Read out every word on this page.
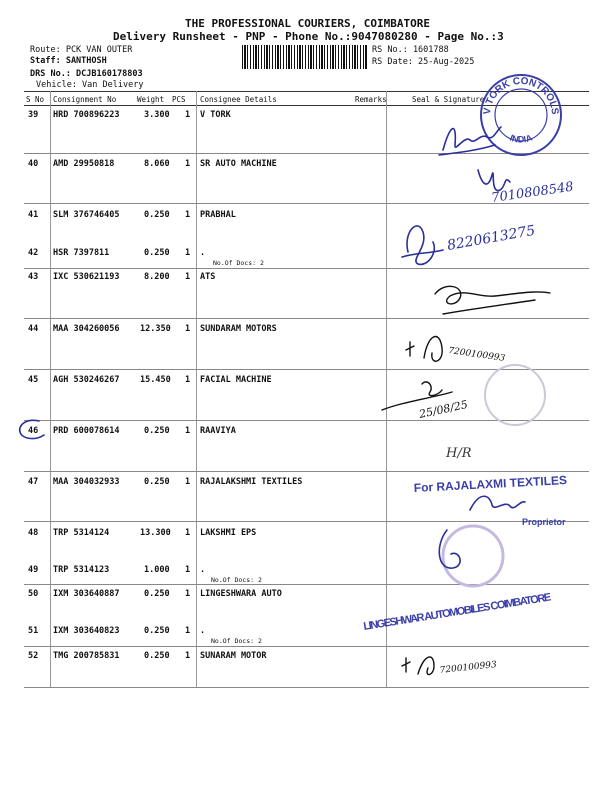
THE PROFESSIONAL COURIERS, COIMBATORE
Delivery Runsheet - PNP - Phone No.:9047080280 - Page No.:3
Route: PCK VAN OUTER
Staff: SANTHOSH
DRS No.: DCJB160178803
Vehicle: Van Delivery
RS No.: 1601788
RS Date: 25-Aug-2025
S No Consignment No	Weight PCS Consignee Details	Remarks	Seal & Signature
39 HRD 700896223	3.300 1 V TORK
40 AMD 29950818	8.060 1 SR AUTO MACHINE
41 SLM 376746405	0.250 1 PRABHAL
42 HSR 7397811	0.250 1 .
No.Of Docs: 2
43 IXC 530621193	8.200 1 ATS
44 MAA 304260056 12.350 1 SUNDARAM MOTORS
45 AGH 530246267 15.450 1 FACIAL MACHINE
46 PRD 600078614	0.250 1 RAAVIYA
47 MAA 304032933	0.250 1 RAJALAKSHMI TEXTILES
48 TRP 5314124	13.300 1 LAKSHMI EPS
49 TRP 5314123	1.000 1 .
No.Of Docs: 2
50 IXM 303640887	0.250 1 LINGESHWARA AUTO
51 IXM 303640823	0.250 1 .
No.Of Docs: 2
52 TMG 200785831	0.250 1 SUNARAM MOTOR
V TORK CONTROLS
INDIA
7010808548
8220613275
7200100993
25/08/25
H/R
For RAJALAXMI TEXTILES
Proprietor
LINGESHWAR AUTOMOBILES COIMBATORE
7200100993
